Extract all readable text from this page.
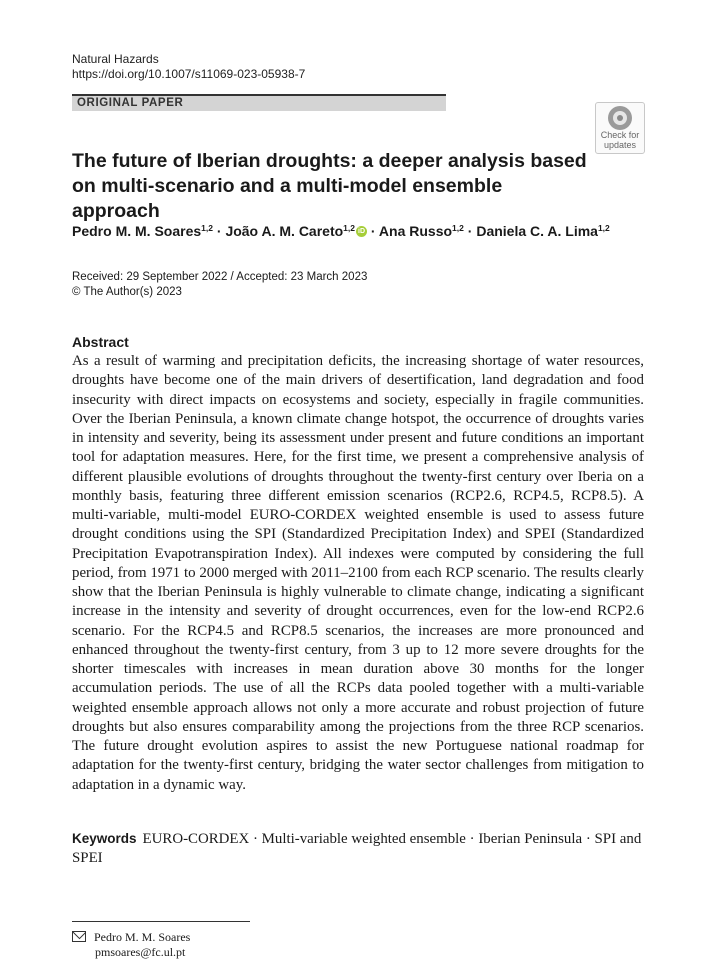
Natural Hazards
https://doi.org/10.1007/s11069-023-05938-7
ORIGINAL PAPER
Check for
updates
The future of Iberian droughts: a deeper analysis based on multi-scenario and a multi-model ensemble approach
Pedro M. M. Soares$^{1,2}$ · João A. M. Careto$^{1,2}$ iD · Ana Russo$^{1,2}$ · Daniela C. A. Lima$^{1,2}$
Received: 29 September 2022 / Accepted: 23 March 2023
© The Author(s) 2023
Abstract

As a result of warming and precipitation deficits, the increasing shortage of water resources, droughts have become one of the main drivers of desertification, land degradation and food insecurity with direct impacts on ecosystems and society, especially in fragile communities. Over the Iberian Peninsula, a known climate change hotspot, the occurrence of droughts varies in intensity and severity, being its assessment under present and future conditions an important tool for adaptation measures. Here, for the first time, we present a comprehensive analysis of different plausible evolutions of droughts throughout the twenty-first century over Iberia on a monthly basis, featuring three different emission scenarios (RCP2.6, RCP4.5, RCP8.5). A multi-variable, multi-model EURO-CORDEX weighted ensemble is used to assess future drought conditions using the SPI (Standardized Precipitation Index) and SPEI (Standardized Precipitation Evapotranspiration Index). All indexes were computed by considering the full period, from 1971 to 2000 merged with 2011–2100 from each RCP scenario. The results clearly show that the Iberian Peninsula is highly vulnerable to climate change, indicating a significant increase in the intensity and severity of drought occurrences, even for the low-end RCP2.6 scenario. For the RCP4.5 and RCP8.5 scenarios, the increases are more pronounced and enhanced throughout the twenty-first century, from 3 up to 12 more severe droughts for the shorter timescales with increases in mean duration above 30 months for the longer accumulation periods. The use of all the RCPs data pooled together with a multi-variable weighted ensemble approach allows not only a more accurate and robust projection of future droughts but also ensures comparability among the projections from the three RCP scenarios. The future drought evolution aspires to assist the new Portuguese national roadmap for adaptation for the twenty-first century, bridging the water sector challenges from mitigation to adaptation in a dynamic way.

Keywords EURO-CORDEX · Multi-variable weighted ensemble · Iberian Peninsula · SPI and SPEI

Pedro M. M. Soares
pmsoares@fc.ul.pt
